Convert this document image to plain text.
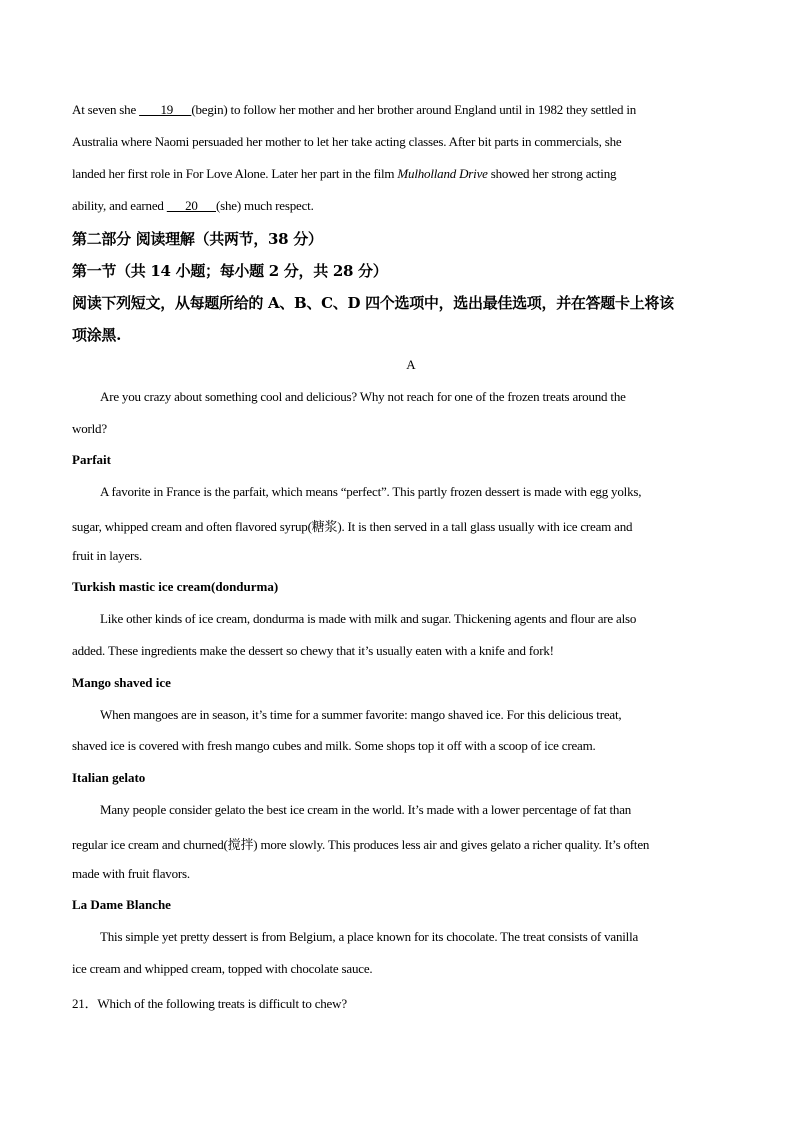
At seven she        19      (begin) to follow her mother and her brother around England until in 1982 they settled in
Australia where Naomi persuaded her mother to let her take acting classes. After bit parts in commercials, she
landed her first role in For Love Alone. Later her part in the film Mulholland Drive showed her strong acting
ability, and earned       20      (she) much respect.
第二部分 阅读理解（共两节，38 分）
第一节（共 14 小题；每小题 2 分，共 28 分）
阅读下列短文，从每题所给的 A、B、C、D 四个选项中，选出最佳选项，并在答题卡上将该
项涂黑.
A
Are you crazy about something cool and delicious? Why not reach for one of the frozen treats around the
world?
Parfait
A favorite in France is the parfait, which means “perfect”. This partly frozen dessert is made with egg yolks,
sugar, whipped cream and often flavored syrup(糖浆). It is then served in a tall glass usually with ice cream and
fruit in layers.
Turkish mastic ice cream(dondurma)
Like other kinds of ice cream, dondurma is made with milk and sugar. Thickening agents and flour are also
added. These ingredients make the dessert so chewy that it’s usually eaten with a knife and fork!
Mango shaved ice
When mangoes are in season, it’s time for a summer favorite: mango shaved ice. For this delicious treat,
shaved ice is covered with fresh mango cubes and milk. Some shops top it off with a scoop of ice cream.
Italian gelato
Many people consider gelato the best ice cream in the world. It’s made with a lower percentage of fat than
regular ice cream and churned(搅拌) more slowly. This produces less air and gives gelato a richer quality. It’s often
made with fruit flavors.
La Dame Blanche
This simple yet pretty dessert is from Belgium, a place known for its chocolate. The treat consists of vanilla
ice cream and whipped cream, topped with chocolate sauce.
21．Which of the following treats is difficult to chew?
